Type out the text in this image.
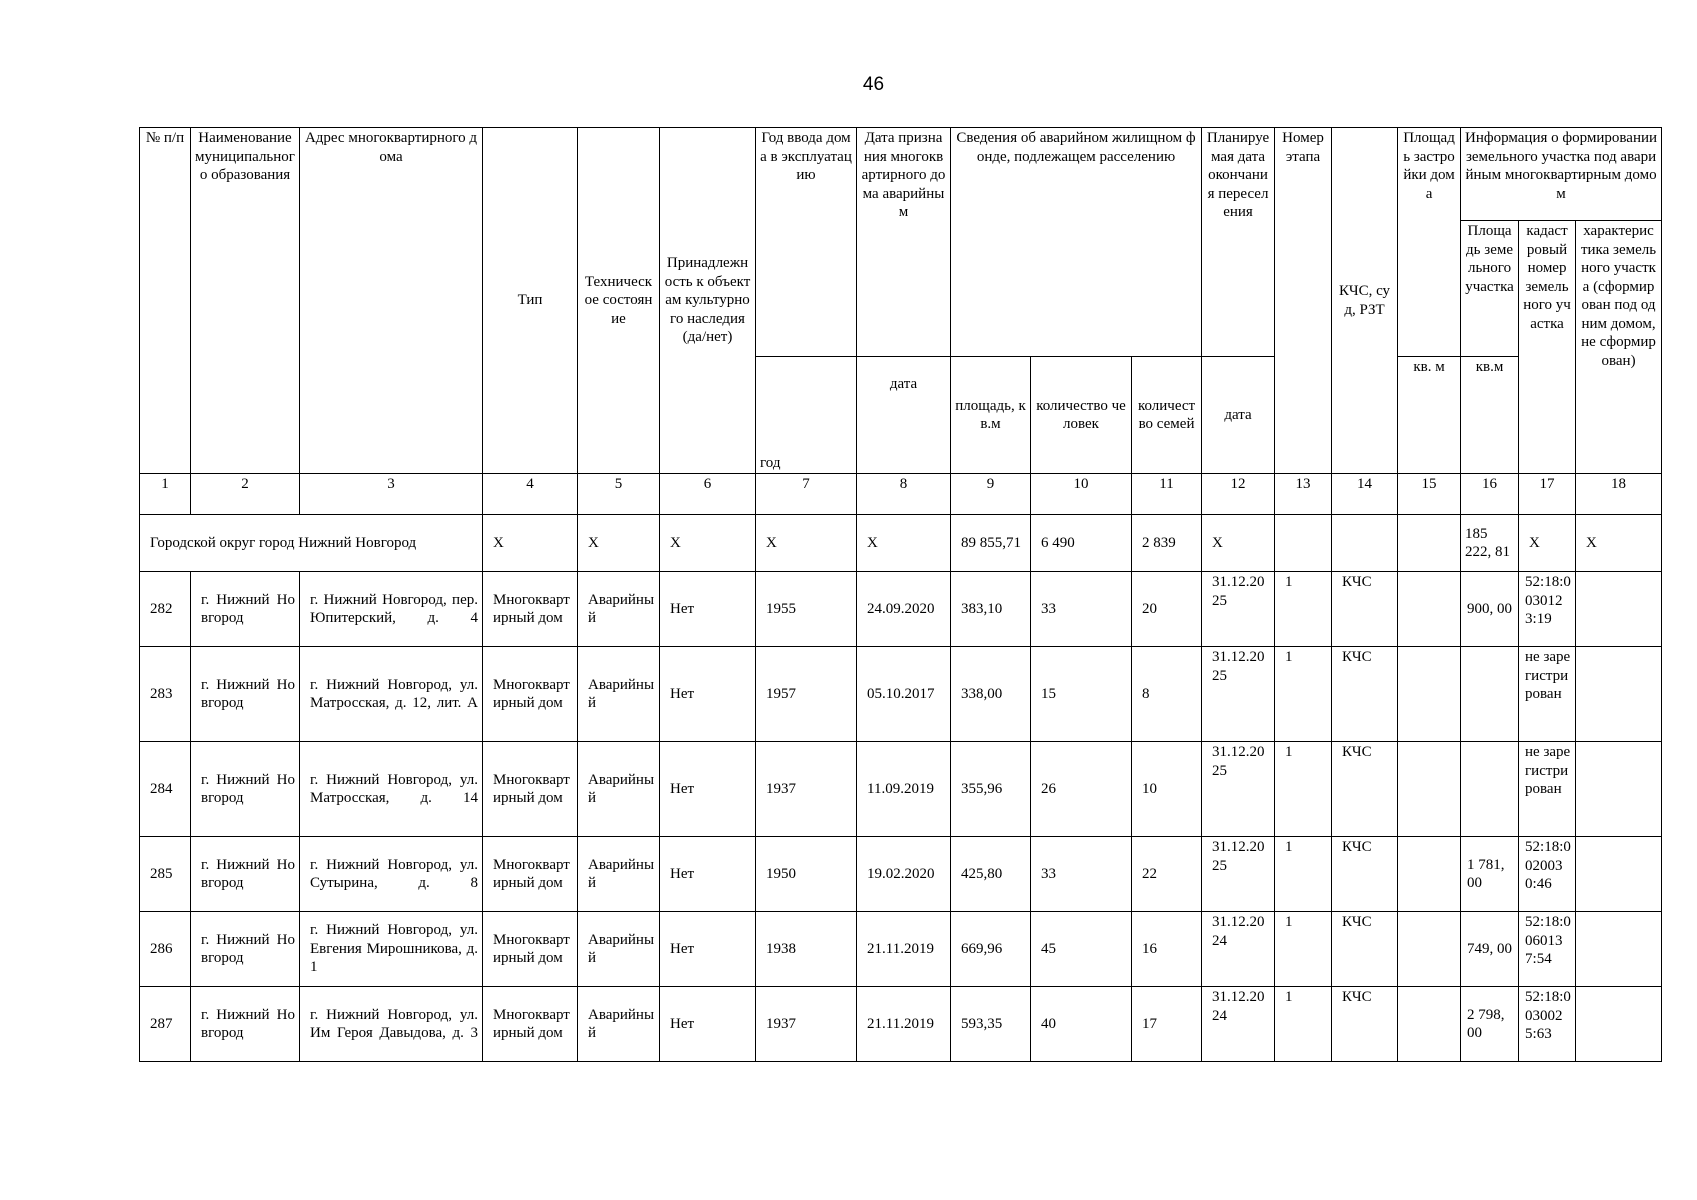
46
№ п/п	Наименование муниципального образования	Адрес многоквартирного дома	Тип	Техническое состояние	Принадлежность к объектам культурного наследия (да/нет)	Год ввода дома в эксплуатацию	Дата признания многоквартирного дома аварийным	Сведения об аварийном жилищном фонде, подлежащем расселению			Планируемая дата окончания переселения	Номер этапа	КЧС, суд, РЗТ	Площадь застройки дома	Информация о формировании земельного участка под аварийным многоквартирным домом		
															Площадь земельного участка	кадастровый номер земельного участка	характеристика земельного участка (сформирован под одним домом, не сформирован)
						год	дата	площадь, кв.м	количество человек	количество семей	дата			кв. м	кв.м		
1	2	3	4	5	6	7	8	9	10	11	12	13	14	15	16	17	18
Городской округ город Нижний Новгород			X	X	X	X	X	89 855,71	6 490	2 839	X				185 222, 81	X	X
282	г. Нижний Новгород	г. Нижний Новгород, пер. Юпитерский, д. 4	Многоквартирный дом	Аварийный	Нет	1955	24.09.2020	383,10	33	20	31.12.2025	1	КЧС		900, 00	52:18:003012 3:19	
283	г. Нижний Новгород	г. Нижний Новгород, ул. Матросская, д. 12, лит. А	Многоквартирный дом	Аварийный	Нет	1957	05.10.2017	338,00	15	8	31.12.2025	1	КЧС			не зарегистрирован	
284	г. Нижний Новгород	г. Нижний Новгород, ул. Матросская, д. 14	Многоквартирный дом	Аварийный	Нет	1937	11.09.2019	355,96	26	10	31.12.2025	1	КЧС			не зарегистрирован	
285	г. Нижний Новгород	г. Нижний Новгород, ул. Сутырина, д. 8	Многоквартирный дом	Аварийный	Нет	1950	19.02.2020	425,80	33	22	31.12.2025	1	КЧС		1 781, 00	52:18:002003 0:46	
286	г. Нижний Новгород	г. Нижний Новгород, ул. Евгения Мирошникова, д. 1	Многоквартирный дом	Аварийный	Нет	1938	21.11.2019	669,96	45	16	31.12.2024	1	КЧС		749, 00	52:18:006013 7:54	
287	г. Нижний Новгород	г. Нижний Новгород, ул. Им Героя Давыдова, д. 3	Многоквартирный дом	Аварийный	Нет	1937	21.11.2019	593,35	40	17	31.12.2024	1	КЧС		2 798, 00	52:18:003002 5:63	
